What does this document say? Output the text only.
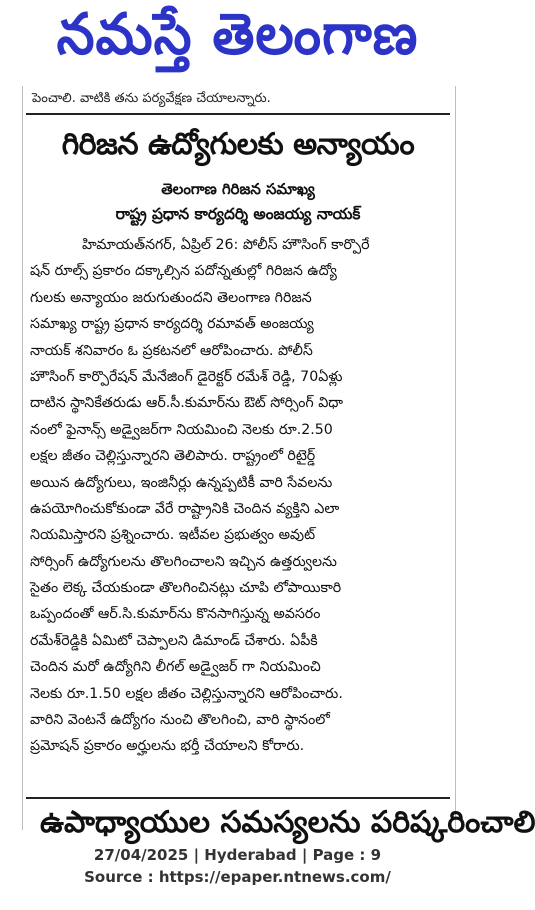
నమస్తే తెలంగాణ
పెంచాలి. వాటికి తను పర్యవేక్షణ చేయాలన్నారు.
గిరిజన ఉద్యోగులకు అన్యాయం
తెలంగాణ గిరిజన సమాఖ్య
రాష్ట్ర ప్రధాన కార్యదర్శి అంజయ్య నాయక్
హిమాయత్‌నగర్, ఏప్రిల్ 26: పోలీస్ హౌసింగ్ కార్పొరే
షన్ రూల్స్ ప్రకారం దక్కాల్సిన పదోన్నతుల్లో గిరిజన ఉద్యో
గులకు అన్యాయం జరుగుతుందని తెలంగాణ గిరిజన
సమాఖ్య రాష్ట్ర ప్రధాన కార్యదర్శి రమావత్ అంజయ్య
నాయక్ శనివారం ఓ ప్రకటనలో ఆరోపించారు. పోలీస్
హౌసింగ్ కార్పొరేషన్ మేనేజింగ్ డైరెక్టర్ రమేశ్ రెడ్డి, 70ఏళ్లు
దాటిన స్థానికేతరుడు ఆర్.సీ.కుమార్‌ను ఔట్ సోర్సింగ్ విధా
నంలో ఫైనాన్స్ అడ్వైజర్‌గా నియమించి నెలకు రూ.2.50
లక్షల జీతం చెల్లిస్తున్నారని తెలిపారు. రాష్ట్రంలో రిటైర్డ్
అయిన ఉద్యోగులు, ఇంజినీర్లు ఉన్నప్పటికీ వారి సేవలను
ఉపయోగించుకోకుండా వేరే రాష్ట్రానికి చెందిన వ్యక్తిని ఎలా
నియమిస్తారని ప్రశ్నించారు. ఇటీవల ప్రభుత్వం అవుట్
సోర్సింగ్ ఉద్యోగులను తొలగించాలని ఇచ్చిన ఉత్తర్వులను
సైతం లెక్క చేయకుండా తొలగించినట్లు చూపి లోపాయికారి
ఒప్పందంతో ఆర్.సి.కుమార్‌ను కొనసాగిస్తున్న అవసరం
రమేశ్‌రెడ్డికి ఏమిటో చెప్పాలని డిమాండ్ చేశారు. ఏపీకి
చెందిన మరో ఉద్యోగిని లీగల్ అడ్వైజర్ గా నియమించి
నెలకు రూ.1.50 లక్షల జీతం చెల్లిస్తున్నారని ఆరోపించారు.
వారిని వెంటనే ఉద్యోగం నుంచి తొలగించి, వారి స్థానంలో
ప్రమోషన్ ప్రకారం అర్హులను భర్తీ చేయాలని కోరారు.
ఉపాధ్యాయుల సమస్యలను పరిష్కరించాలి
27/04/2025 | Hyderabad | Page : 9
Source : https://epaper.ntnews.com/
